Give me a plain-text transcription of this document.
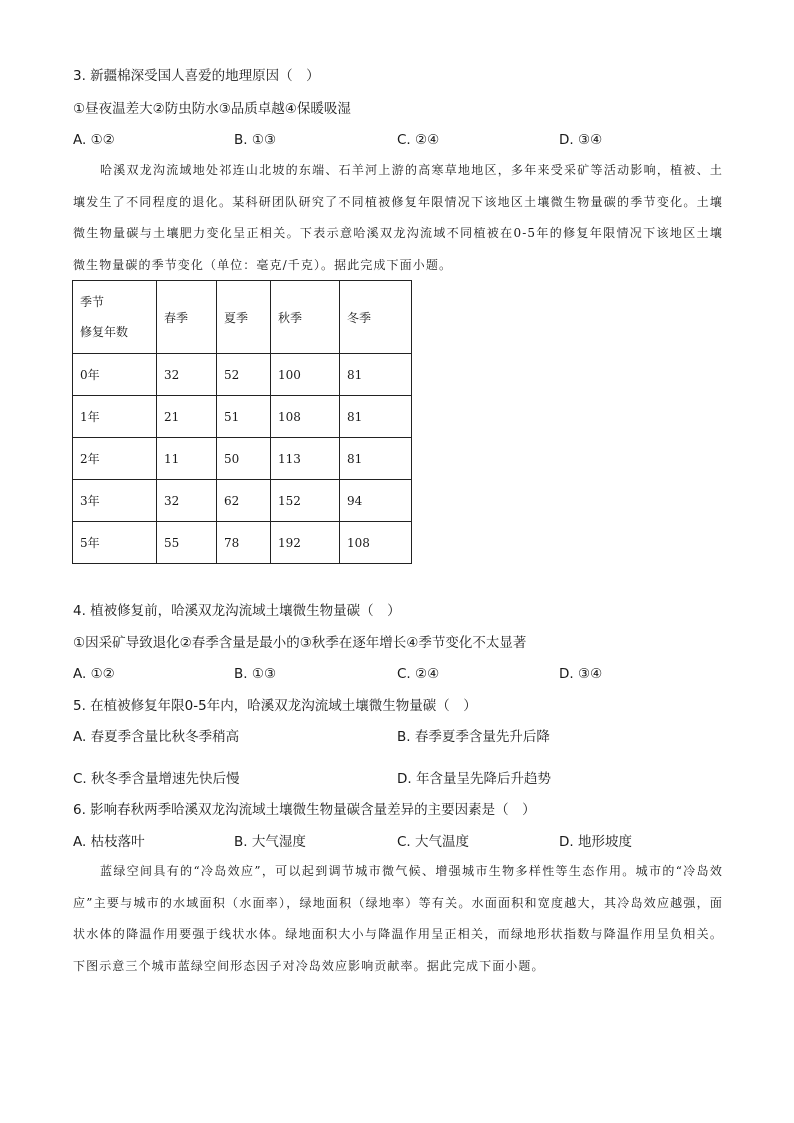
3. 新疆棉深受国人喜爱的地理原因（　）
①昼夜温差大②防虫防水③品质卓越④保暖吸湿
A. ①②	B. ①③	C. ②④	D. ③④
哈溪双龙沟流域地处祁连山北坡的东端、石羊河上游的高寒草地地区，多年来受采矿等活动影响，植被、土壤发生了不同程度的退化。某科研团队研究了不同植被修复年限情况下该地区土壤微生物量碳的季节变化。土壤微生物量碳与土壤肥力变化呈正相关。下表示意哈溪双龙沟流域不同植被在0-5年的修复年限情况下该地区土壤微生物量碳的季节变化（单位：毫克/千克）。据此完成下面小题。
季节
修复年数	春季	夏季	秋季	冬季
0年	32	52	100	81
1年	21	51	108	81
2年	11	50	113	81
3年	32	62	152	94
5年	55	78	192	108
4. 植被修复前，哈溪双龙沟流域土壤微生物量碳（　）
①因采矿导致退化②春季含量是最小的③秋季在逐年增长④季节变化不太显著
A. ①②	B. ①③	C. ②④	D. ③④
5. 在植被修复年限0-5年内，哈溪双龙沟流域土壤微生物量碳（　）
A. 春夏季含量比秋冬季稍高	B. 春季夏季含量先升后降
C. 秋冬季含量增速先快后慢	D. 年含量呈先降后升趋势
6. 影响春秋两季哈溪双龙沟流域土壤微生物量碳含量差异的主要因素是（　）
A. 枯枝落叶	B. 大气湿度	C. 大气温度	D. 地形坡度
蓝绿空间具有的“冷岛效应”，可以起到调节城市微气候、增强城市生物多样性等生态作用。城市的“冷岛效应”主要与城市的水域面积（水面率），绿地面积（绿地率）等有关。水面面积和宽度越大，其冷岛效应越强，面状水体的降温作用要强于线状水体。绿地面积大小与降温作用呈正相关，而绿地形状指数与降温作用呈负相关。下图示意三个城市蓝绿空间形态因子对冷岛效应影响贡献率。据此完成下面小题。
